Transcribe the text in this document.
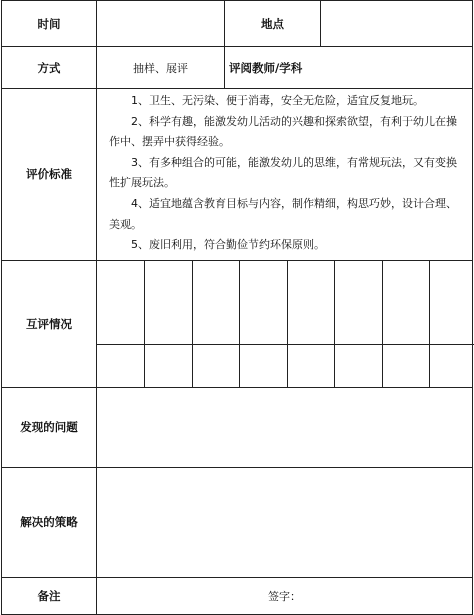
时间		地点	
方式	抽样、展评	评阅教师/学科
评价标准	

1、卫生、无污染、便于消毒，安全无危险，适宜反复地玩。

2、科学有趣，能激发幼儿活动的兴趣和探索欲望，有利于幼儿在操作中、摆弄中获得经验。

3、有多种组合的可能，能激发幼儿的思维，有常规玩法，又有变换性扩展玩法。

4、适宜地蕴含教育目标与内容，制作精细，构思巧妙，设计合理、美观。

5、废旧利用，符合勤俭节约环保原则。

互评情况	

发现的问题	
解决的策略	
备注	签字：
